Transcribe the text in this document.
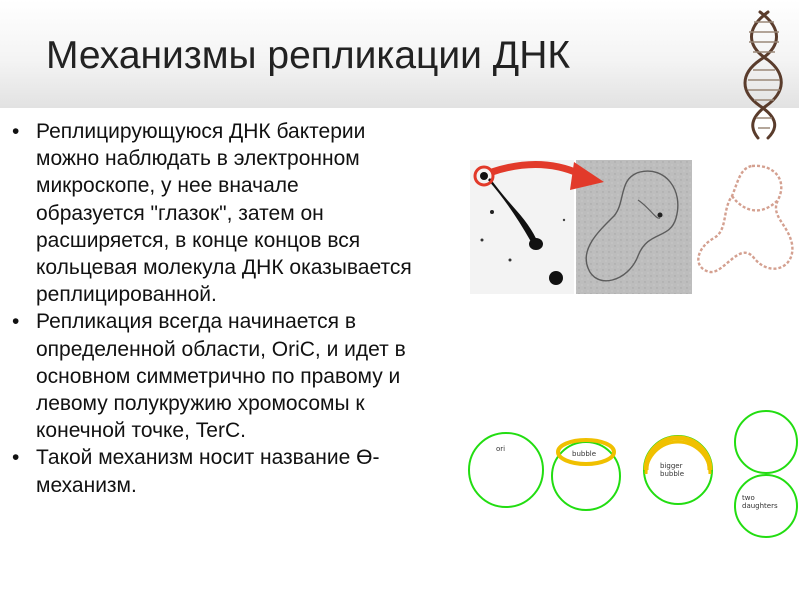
Механизмы репликации ДНК
• Реплицирующуюся ДНК бактерии
можно наблюдать в электронном
микроскопе, у нее вначале
образуется "глазок", затем он
расширяется, в конце концов вся
кольцевая молекула ДНК оказывается
реплицированной.
• Репликация всегда начинается в
определенной области, OriC, и идет в
основном симметрично по правому и
левому полукружию хромосомы к
конечной точке, TerC.
• Такой механизм носит название ϴ-
механизм.
ori
bubble
bigger bubble
two daughters
